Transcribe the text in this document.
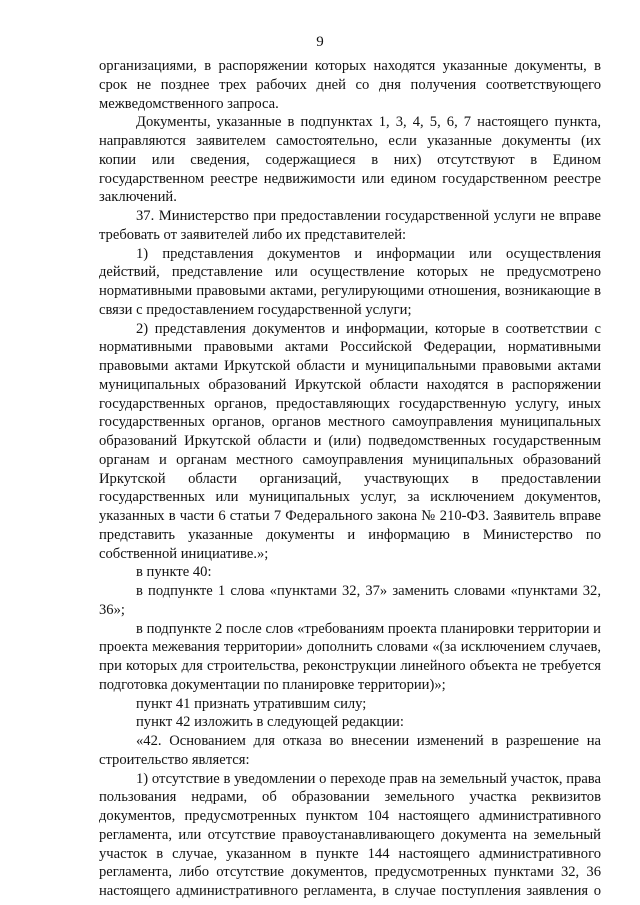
9

организациями, в распоряжении которых находятся указанные документы, в срок не позднее трех рабочих дней со дня получения соответствующего межведомственного запроса.

Документы, указанные в подпунктах 1, 3, 4, 5, 6, 7 настоящего пункта, направляются заявителем самостоятельно, если указанные документы (их копии или сведения, содержащиеся в них) отсутствуют в Едином государственном реестре недвижимости или едином государственном реестре заключений.

37. Министерство при предоставлении государственной услуги не вправе требовать от заявителей либо их представителей:

1) представления документов и информации или осуществления действий, представление или осуществление которых не предусмотрено нормативными правовыми актами, регулирующими отношения, возникающие в связи с предоставлением государственной услуги;

2) представления документов и информации, которые в соответствии с нормативными правовыми актами Российской Федерации, нормативными правовыми актами Иркутской области и муниципальными правовыми актами муниципальных образований Иркутской области находятся в распоряжении государственных органов, предоставляющих государственную услугу, иных государственных органов, органов местного самоуправления муниципальных образований Иркутской области и (или) подведомственных государственным органам и органам местного самоуправления муниципальных образований Иркутской области организаций, участвующих в предоставлении государственных или муниципальных услуг, за исключением документов, указанных в части 6 статьи 7 Федерального закона № 210-ФЗ. Заявитель вправе представить указанные документы и информацию в Министерство по собственной инициативе.»;

в пункте 40:

в подпункте 1 слова «пунктами 32, 37» заменить словами «пунктами 32, 36»;

в подпункте 2 после слов «требованиям проекта планировки территории и проекта межевания территории» дополнить словами «(за исключением случаев, при которых для строительства, реконструкции линейного объекта не требуется подготовка документации по планировке территории)»;

пункт 41 признать утратившим силу;

пункт 42 изложить в следующей редакции:

«42. Основанием для отказа во внесении изменений в разрешение на строительство является:

1) отсутствие в уведомлении о переходе прав на земельный участок, права пользования недрами, об образовании земельного участка реквизитов документов, предусмотренных пунктом 104 настоящего административного регламента, или отсутствие правоустанавливающего документа на земельный участок в случае, указанном в пункте 144 настоящего административного регламента, либо отсутствие документов, предусмотренных пунктами 32, 36 настоящего административного регламента, в случае поступления заявления о
